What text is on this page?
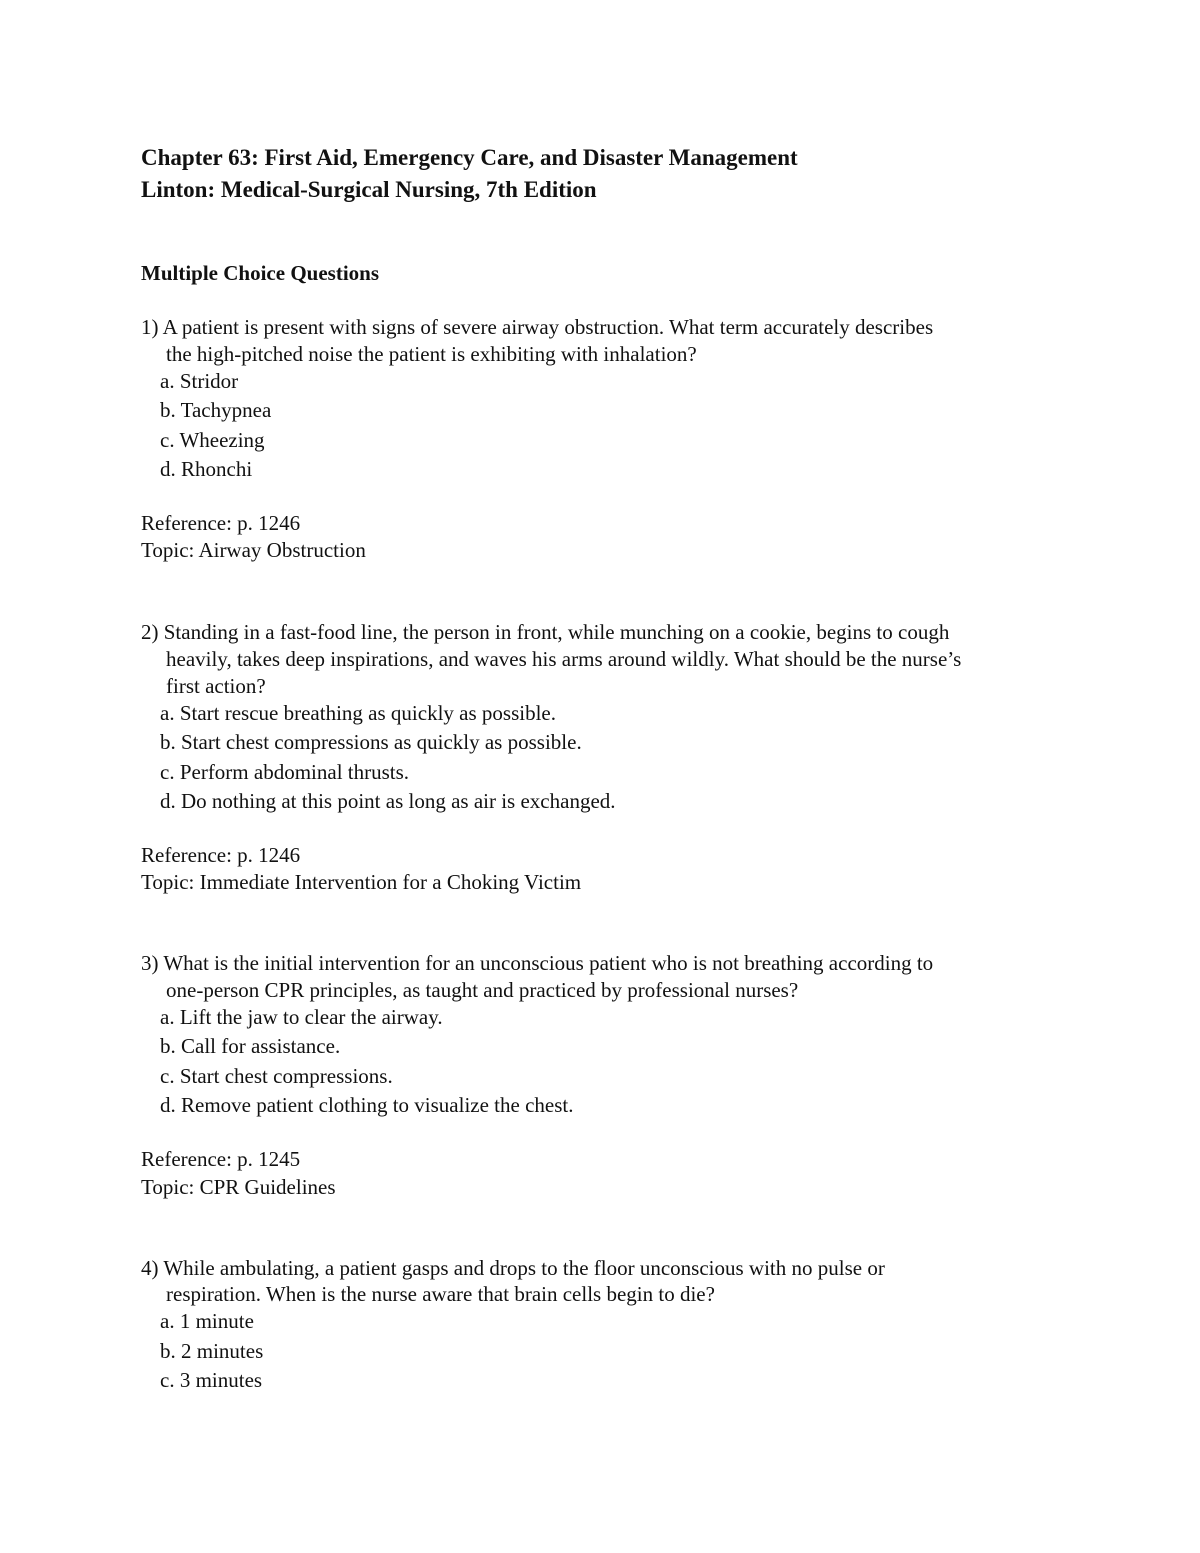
Chapter 63: First Aid, Emergency Care, and Disaster Management
Linton: Medical-Surgical Nursing, 7th Edition
Multiple Choice Questions
1) A patient is present with signs of severe airway obstruction. What term accurately describes
the high-pitched noise the patient is exhibiting with inhalation?
a. Stridor
b. Tachypnea
c. Wheezing
d. Rhonchi
Reference: p. 1246
Topic: Airway Obstruction
2) Standing in a fast-food line, the person in front, while munching on a cookie, begins to cough
heavily, takes deep inspirations, and waves his arms around wildly. What should be the nurse’s
first action?
a. Start rescue breathing as quickly as possible.
b. Start chest compressions as quickly as possible.
c. Perform abdominal thrusts.
d. Do nothing at this point as long as air is exchanged.
Reference: p. 1246
Topic: Immediate Intervention for a Choking Victim
3) What is the initial intervention for an unconscious patient who is not breathing according to
one-person CPR principles, as taught and practiced by professional nurses?
a. Lift the jaw to clear the airway.
b. Call for assistance.
c. Start chest compressions.
d. Remove patient clothing to visualize the chest.
Reference: p. 1245
Topic: CPR Guidelines
4) While ambulating, a patient gasps and drops to the floor unconscious with no pulse or
respiration. When is the nurse aware that brain cells begin to die?
a. 1 minute
b. 2 minutes
c. 3 minutes
